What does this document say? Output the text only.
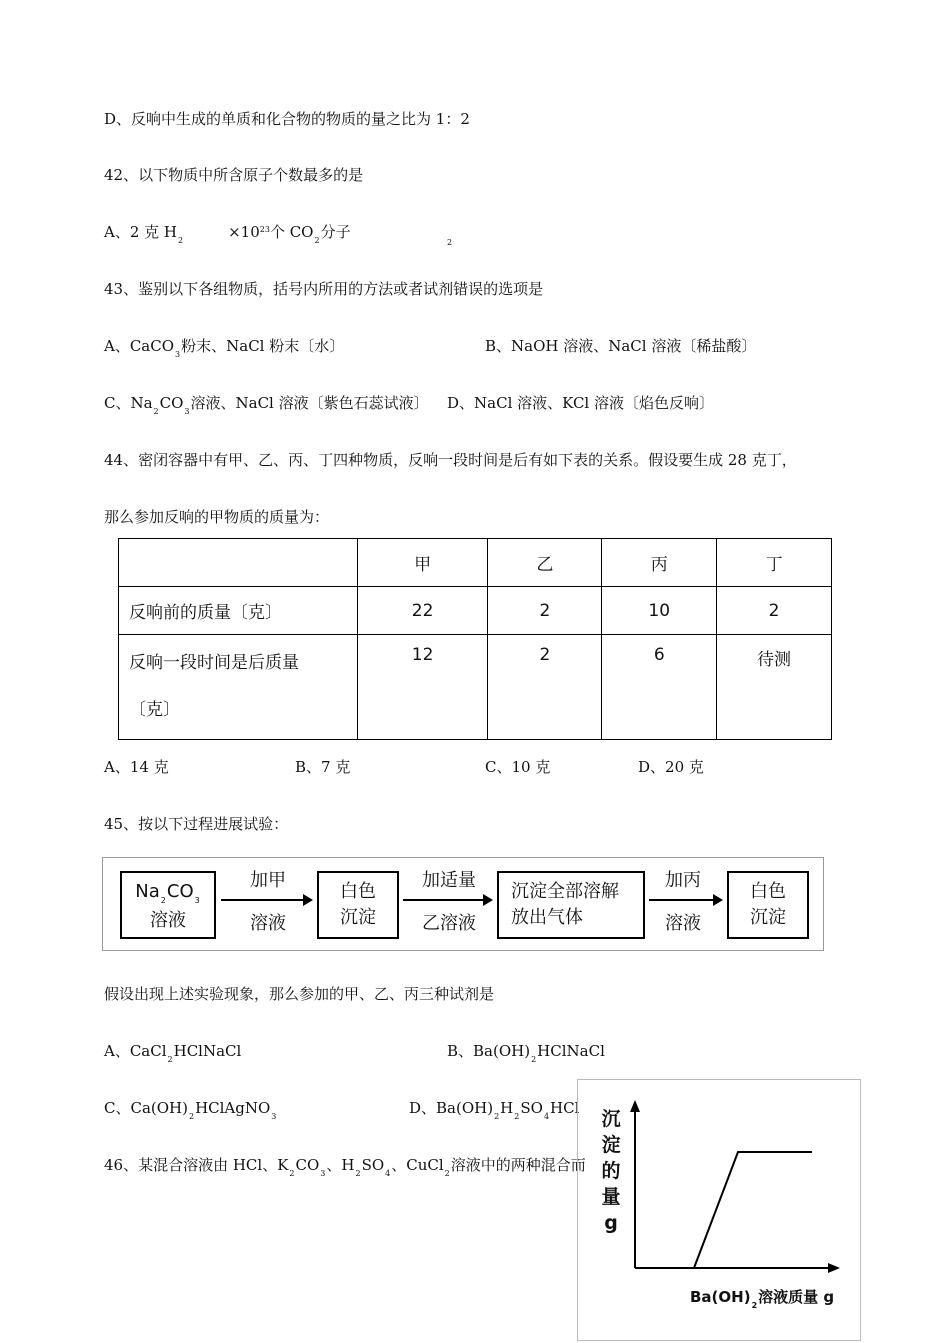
D、反响中生成的单质和化合物的物质的量之比为 1：2
42、以下物质中所含原子个数最多的是
A、2 克 $H_2$	$\times 10^{23}$个 $CO_2$分子
2
43、鉴别以下各组物质，括号内所用的方法或者试剂错误的选项是
A、CaCO$_3$粉末、NaCl 粉末〔水〕	B、NaOH 溶液、NaCl 溶液〔稀盐酸〕
C、$Na_2CO_3$溶液、NaCl 溶液〔紫色石蕊试液〕 D、NaCl 溶液、KCl 溶液〔焰色反响〕
44、密闭容器中有甲、乙、丙、丁四种物质，反响一段时间是后有如下表的关系。假设要生成 28 克丁，
那么参加反响的甲物质的质量为：
	甲	乙	丙	丁
反响前的质量〔克〕	22	2	10	2

反响一段时间是后质量
〔克〕	12	2	6	待测
A、14 克	B、7 克	C、10 克	D、20 克
45、按以下过程进展试验：
$Na_2CO_3$
溶液
加甲
溶液
白色
沉淀
加适量
乙溶液
沉淀全部溶解
放出气体
加丙
溶液
白色
沉淀
假设出现上述实验现象，那么参加的甲、乙、丙三种试剂是
A、CaCl$_2$HClNaCl	B、$Ba(OH)_2HClNaCl$
C、$Ca(OH)_2HClAgNO_3$	D、$Ba(OH)_2H_2SO_4HCl$
46、某混合溶液由 HCl、$K_2CO_3$、$H_2SO_4$、CuCl$_2$溶液中的两种混合而
沉
淀
的
量
g
$Ba(OH)_2$溶液质量 g
